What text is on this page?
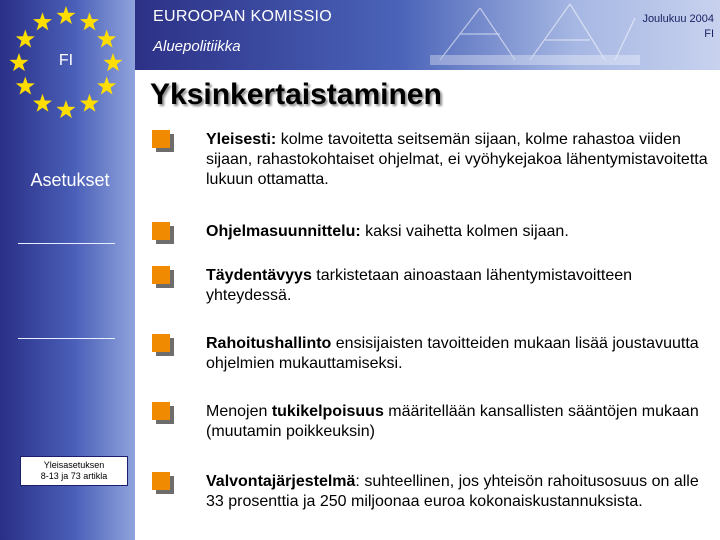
FI
Asetukset
Yleisasetuksen
8-13 ja 73 artikla
EUROOPAN KOMISSIO
Aluepolitiikka
Joulukuu 2004
FI
Yksinkertaistaminen
Yleisesti: kolme tavoitetta seitsemän sijaan, kolme rahastoa viiden sijaan, rahastokohtaiset ohjelmat, ei vyöhykejakoa lähentymistavoitetta lukuun ottamatta.
Ohjelmasuunnittelu: kaksi vaihetta kolmen sijaan.
Täydentävyys tarkistetaan ainoastaan lähentymistavoitteen yhteydessä.
Rahoitushallinto ensisijaisten tavoitteiden mukaan lisää joustavuutta ohjelmien mukauttamiseksi.
Menojen tukikelpoisuus määritellään kansallisten sääntöjen mukaan (muutamin poikkeuksin)
Valvontajärjestelmä: suhteellinen, jos yhteisön rahoitusosuus on alle 33 prosenttia ja 250 miljoonaa euroa kokonaiskustannuksista.
